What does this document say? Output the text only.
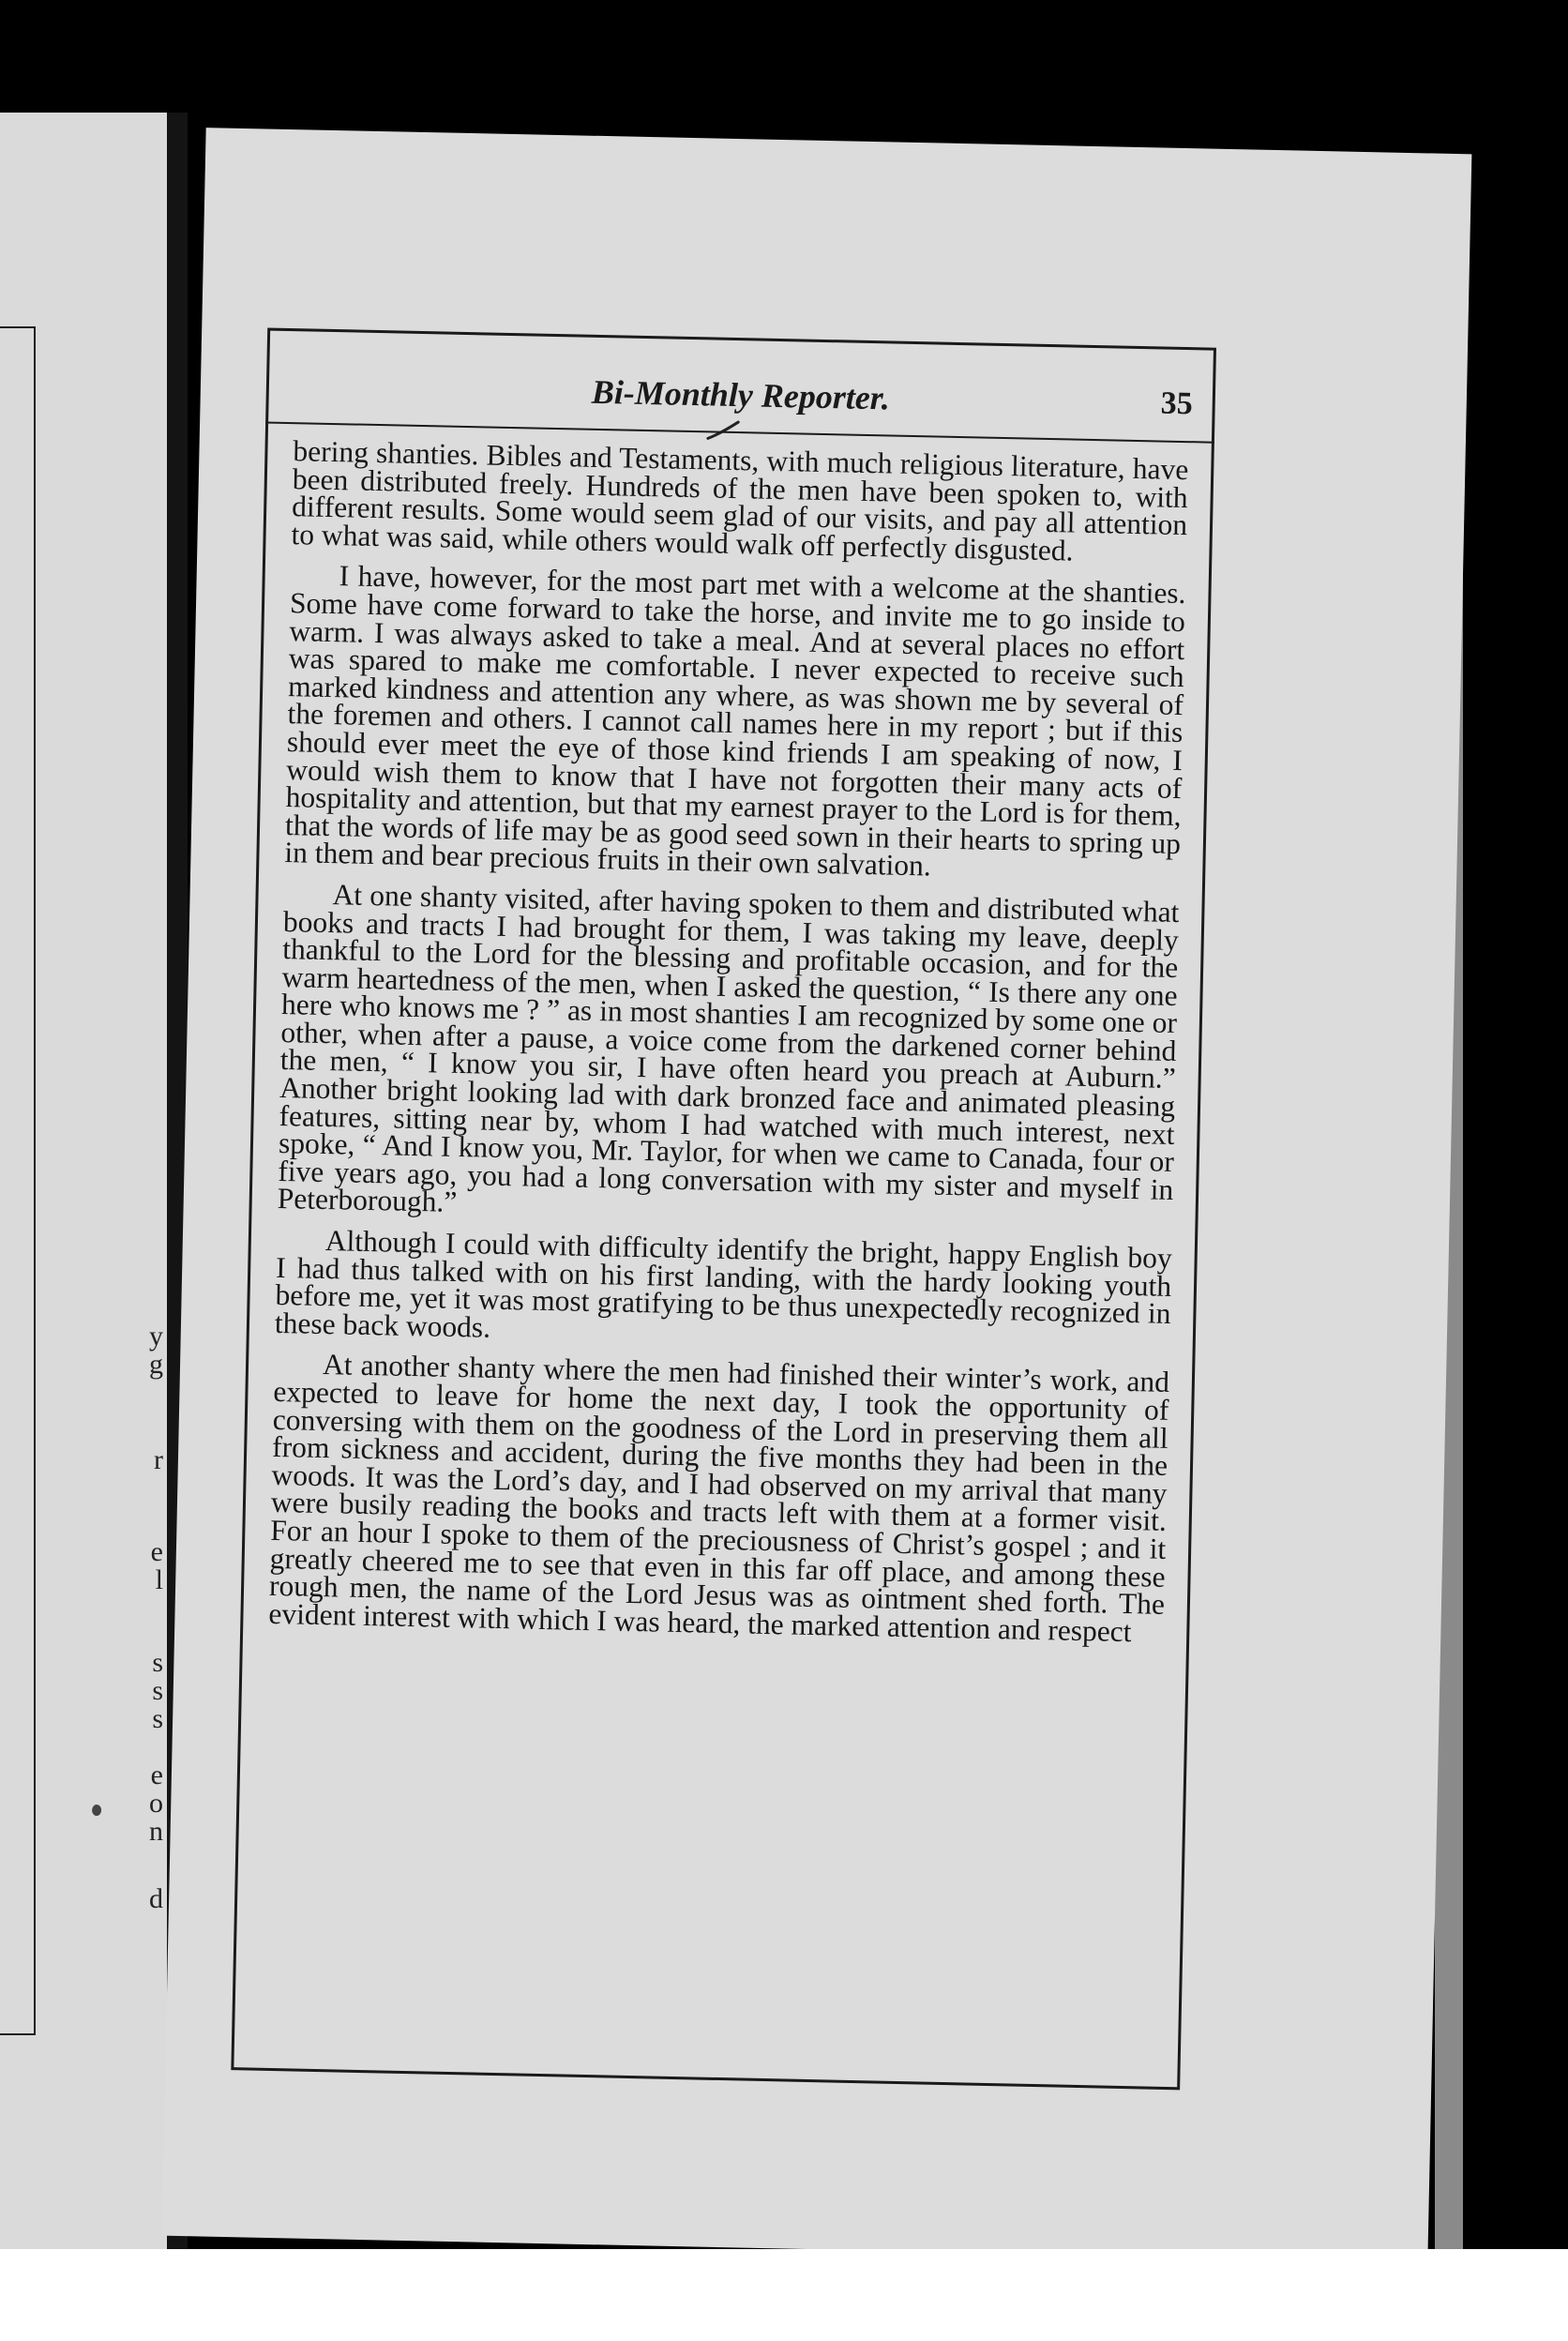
y
g
r
e
l
s
s
s
e
o
n
d
Bi-Monthly Reporter.	35

bering shanties. Bibles and Testaments, with much religious literature, have been distributed freely. Hundreds of the men have been spoken to, with different results. Some would seem glad of our visits, and pay all attention to what was said, while others would walk off perfectly disgusted.

I have, however, for the most part met with a welcome at the shanties. Some have come forward to take the horse, and invite me to go inside to warm. I was always asked to take a meal. And at several places no effort was spared to make me comfortable. I never expected to receive such marked kindness and attention any where, as was shown me by several of the foremen and others. I cannot call names here in my report ; but if this should ever meet the eye of those kind friends I am speaking of now, I would wish them to know that I have not forgotten their many acts of hospitality and attention, but that my earnest prayer to the Lord is for them, that the words of life may be as good seed sown in their hearts to spring up in them and bear precious fruits in their own salvation.

At one shanty visited, after having spoken to them and distributed what books and tracts I had brought for them, I was taking my leave, deeply thankful to the Lord for the blessing and profitable occasion, and for the warm heartedness of the men, when I asked the question, “ Is there any one here who knows me ? ” as in most shanties I am recognized by some one or other, when after a pause, a voice come from the darkened corner behind the men, “ I know you sir, I have often heard you preach at Auburn.” Another bright looking lad with dark bronzed face and animated pleasing features, sitting near by, whom I had watched with much interest, next spoke, “ And I know you, Mr. Taylor, for when we came to Canada, four or five years ago, you had a long conversation with my sister and myself in Peterborough.”

Although I could with difficulty identify the bright, happy English boy I had thus talked with on his first landing, with the hardy looking youth before me, yet it was most gratifying to be thus unexpectedly recognized in these back woods.

At another shanty where the men had finished their winter’s work, and expected to leave for home the next day, I took the opportunity of conversing with them on the goodness of the Lord in preserving them all from sickness and accident, during the five months they had been in the woods. It was the Lord’s day, and I had observed on my arrival that many were busily reading the books and tracts left with them at a former visit. For an hour I spoke to them of the preciousness of Christ’s gospel ; and it greatly cheered me to see that even in this far off place, and among these rough men, the name of the Lord Jesus was as ointment shed forth. The evident interest with which I was heard, the marked attention and respect
